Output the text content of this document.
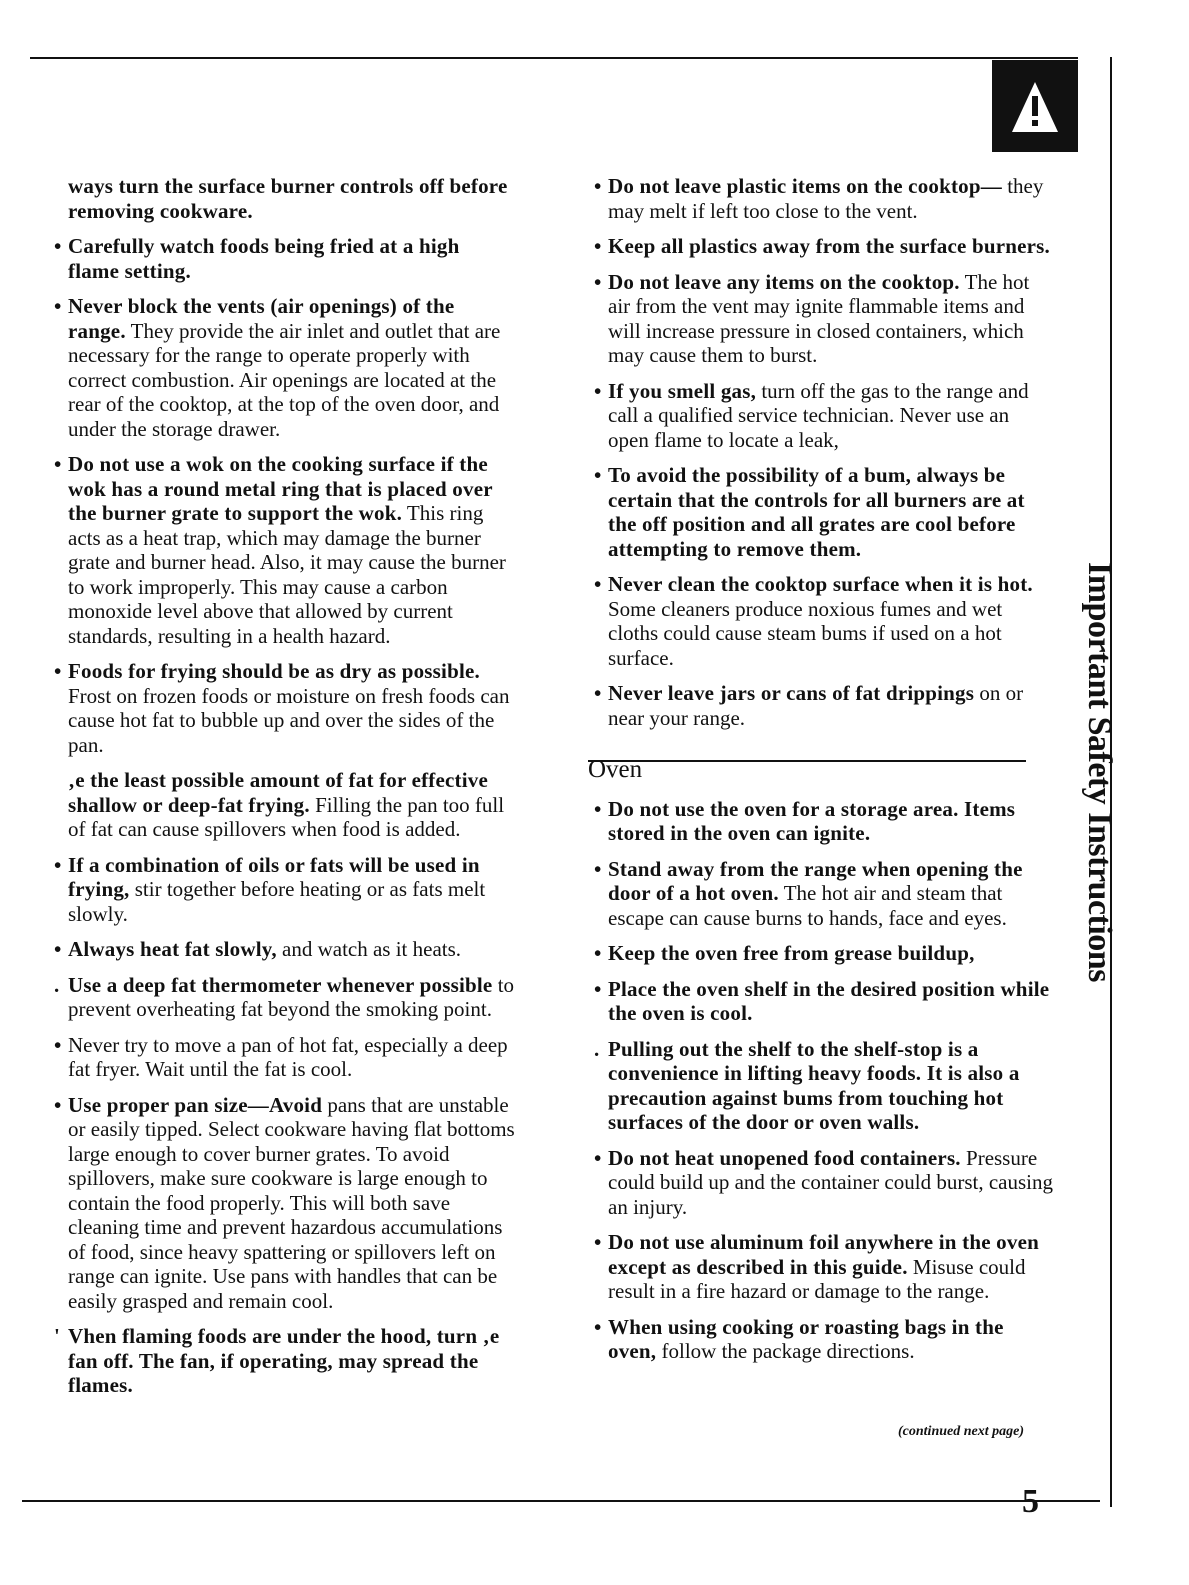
ways turn the surface burner controls off before removing cookware.
• Carefully watch foods being fried at a high flame setting.
• Never block the vents (air openings) of the range. They provide the air inlet and outlet that are necessary for the range to operate properly with correct combustion. Air openings are located at the rear of the cooktop, at the top of the oven door, and under the storage drawer.
• Do not use a wok on the cooking surface if the wok has a round metal ring that is placed over the burner grate to support the wok. This ring acts as a heat trap, which may damage the burner grate and burner head. Also, it may cause the burner to work improperly. This may cause a carbon monoxide level above that allowed by current standards, resulting in a health hazard.
• Foods for frying should be as dry as possible. Frost on frozen foods or moisture on fresh foods can cause hot fat to bubble up and over the sides of the pan.
‚e the least possible amount of fat for effective shallow or deep-fat frying. Filling the pan too full of fat can cause spillovers when food is added.
• If a combination of oils or fats will be used in frying, stir together before heating or as fats melt slowly.
• Always heat fat slowly, and watch as it heats.
. Use a deep fat thermometer whenever possible to prevent overheating fat beyond the smoking point.
• Never try to move a pan of hot fat, especially a deep fat fryer. Wait until the fat is cool.
• Use proper pan size—Avoid pans that are unstable or easily tipped. Select cookware having flat bottoms large enough to cover burner grates. To avoid spillovers, make sure cookware is large enough to contain the food properly. This will both save cleaning time and prevent hazardous accumulations of food, since heavy spattering or spillovers left on range can ignite. Use pans with handles that can be easily grasped and remain cool.
' Vhen flaming foods are under the hood, turn ‚e fan off. The fan, if operating, may spread the flames.
• Do not leave plastic items on the cooktop— they may melt if left too close to the vent.
• Keep all plastics away from the surface burners.
• Do not leave any items on the cooktop. The hot air from the vent may ignite flammable items and will increase pressure in closed containers, which may cause them to burst.
• If you smell gas, turn off the gas to the range and call a qualified service technician. Never use an open flame to locate a leak,
• To avoid the possibility of a bum, always be certain that the controls for all burners are at the off position and all grates are cool before attempting to remove them.
• Never clean the cooktop surface when it is hot. Some cleaners produce noxious fumes and wet cloths could cause steam bums if used on a hot surface.
• Never leave jars or cans of fat drippings on or near your range.
Oven
• Do not use the oven for a storage area. Items stored in the oven can ignite.
• Stand away from the range when opening the door of a hot oven. The hot air and steam that escape can cause burns to hands, face and eyes.
• Keep the oven free from grease buildup,
• Place the oven shelf in the desired position while the oven is cool.
. Pulling out the shelf to the shelf-stop is a convenience in lifting heavy foods. It is also a precaution against bums from touching hot surfaces of the door or oven walls.
• Do not heat unopened food containers. Pressure could build up and the container could burst, causing an injury.
• Do not use aluminum foil anywhere in the oven except as described in this guide. Misuse could result in a fire hazard or damage to the range.
• When using cooking or roasting bags in the oven, follow the package directions.
Important Safety Instructions
(continued next page)
5
